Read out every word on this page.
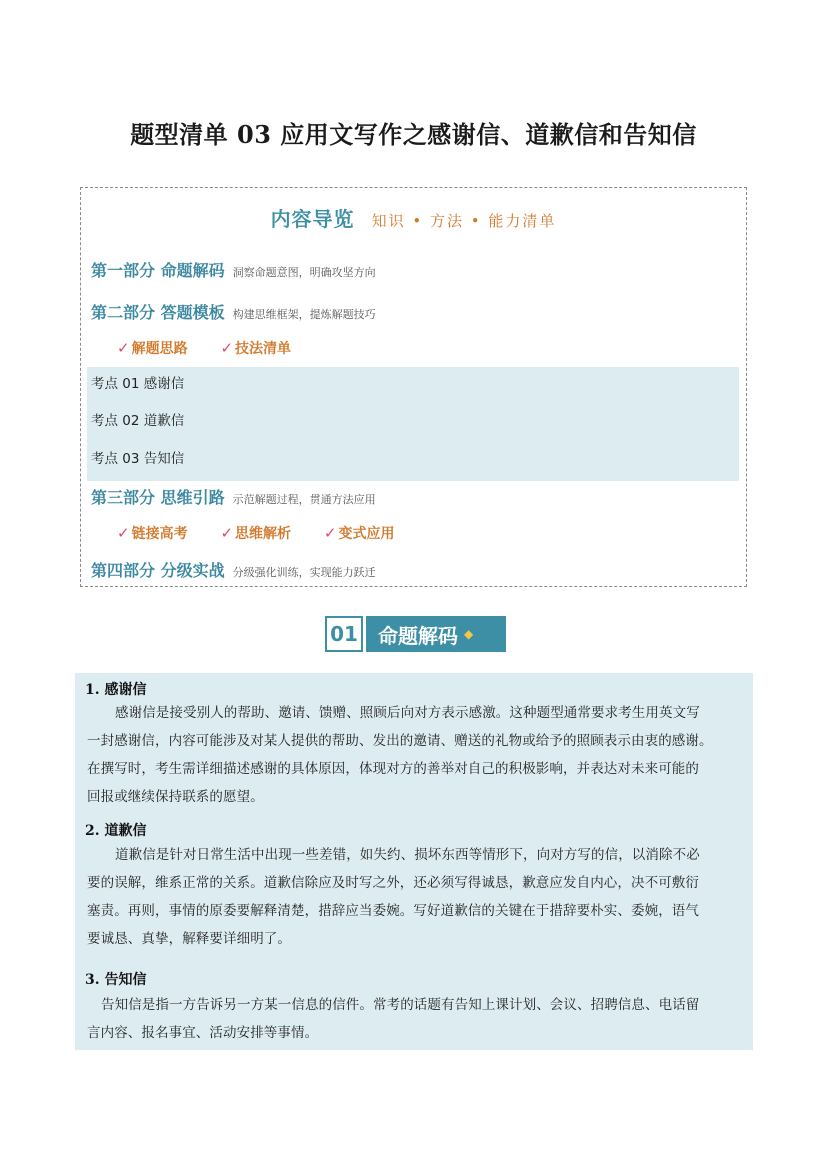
题型清单 03 应用文写作之感谢信、道歉信和告知信
内容导览 知识 • 方法 • 能力清单
第一部分 命题解码 洞察命题意图，明确攻坚方向
第二部分 答题模板 构建思维框架，提炼解题技巧
✓ 解题思路 ✓ 技法清单
考点 01 感谢信
考点 02 道歉信
考点 03 告知信
第三部分 思维引路 示范解题过程，贯通方法应用
✓ 链接高考 ✓ 思维解析 ✓ 变式应用
第四部分 分级实战 分级强化训练，实现能力跃迁
01 命题解码 ◆
1. 感谢信
感谢信是接受别人的帮助、邀请、馈赠、照顾后向对方表示感激。这种题型通常要求考生用英文写
一封感谢信，内容可能涉及对某人提供的帮助、发出的邀请、赠送的礼物或给予的照顾表示由衷的感谢。
在撰写时，考生需详细描述感谢的具体原因，体现对方的善举对自己的积极影响，并表达对未来可能的
回报或继续保持联系的愿望。
2. 道歉信
道歉信是针对日常生活中出现一些差错，如失约、损坏东西等情形下，向对方写的信，以消除不必
要的误解，维系正常的关系。道歉信除应及时写之外，还必须写得诚恳，歉意应发自内心，决不可敷衍
塞责。再则，事情的原委要解释清楚，措辞应当委婉。写好道歉信的关键在于措辞要朴实、委婉，语气
要诚恳、真挚，解释要详细明了。
3. 告知信
告知信是指一方告诉另一方某一信息的信件。常考的话题有告知上课计划、会议、招聘信息、电话留
言内容、报名事宜、活动安排等事情。
